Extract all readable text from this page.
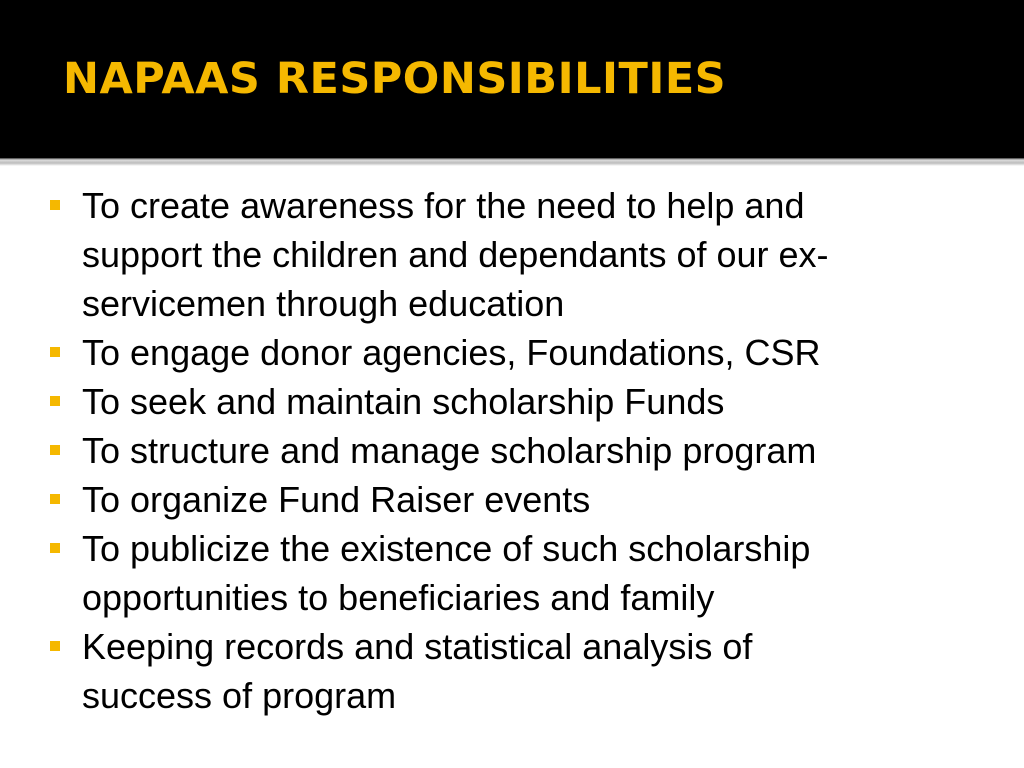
NAPAAS RESPONSIBILITIES
To create awareness for the need to help and
support the children and dependants of our ex-
servicemen through education
To engage donor agencies, Foundations, CSR
To seek and maintain scholarship Funds
To structure and manage scholarship program
To organize Fund Raiser events
To publicize the existence of such scholarship
opportunities to beneficiaries and family
Keeping records and statistical analysis of
success of program
